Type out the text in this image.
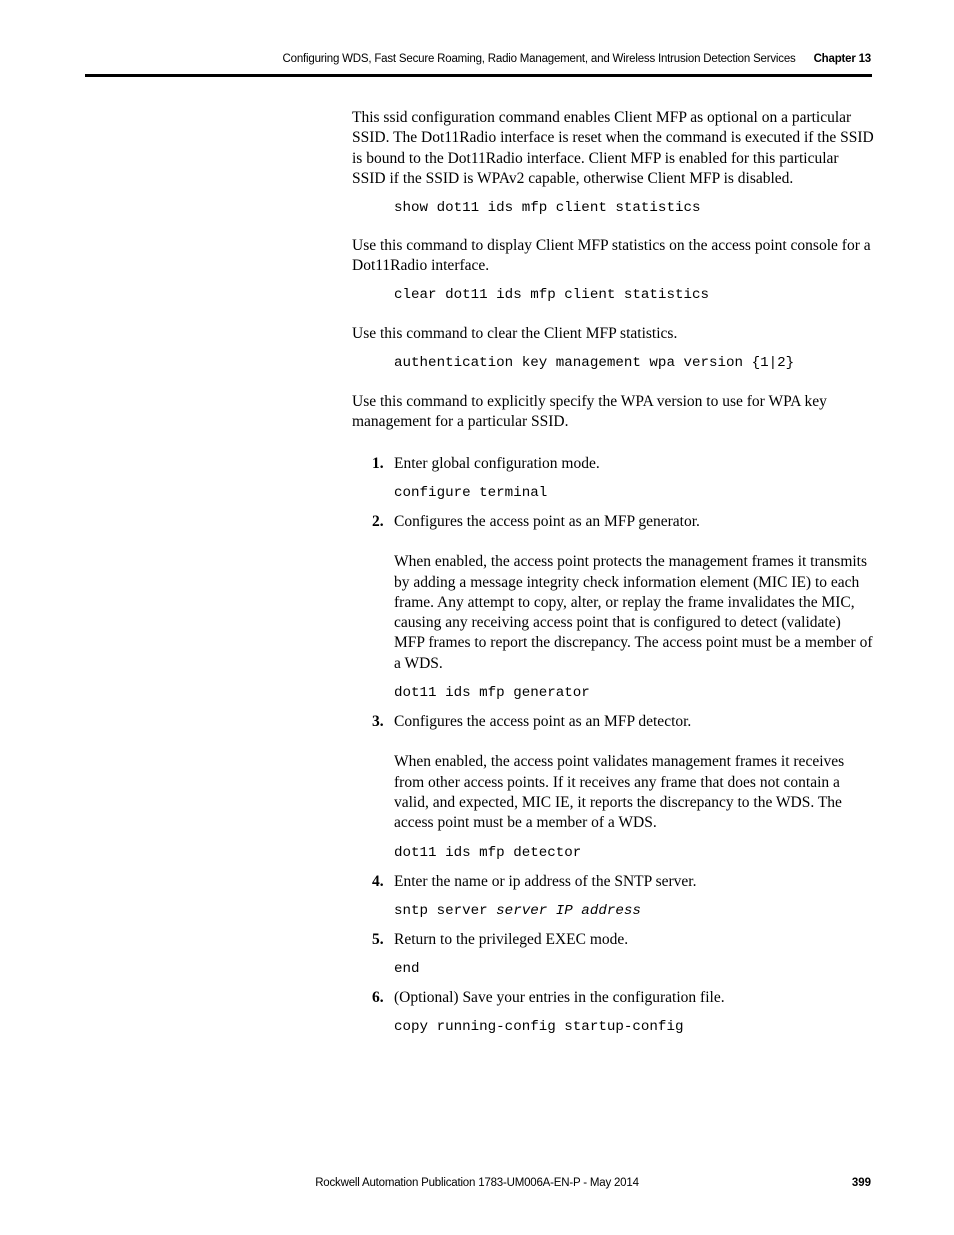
Configuring WDS, Fast Secure Roaming, Radio Management, and Wireless Intrusion Detection Services Chapter 13

This ssid configuration command enables Client MFP as optional on a particular SSID. The Dot11Radio interface is reset when the command is executed if the SSID is bound to the Dot11Radio interface. Client MFP is enabled for this particular SSID if the SSID is WPAv2 capable, otherwise Client MFP is disabled.

show dot11 ids mfp client statistics

Use this command to display Client MFP statistics on the access point console for a Dot11Radio interface.

clear dot11 ids mfp client statistics

Use this command to clear the Client MFP statistics.

authentication key management wpa version {1|2}

Use this command to explicitly specify the WPA version to use for WPA key management for a particular SSID.

1. Enter global configuration mode.

configure terminal
2. Configures the access point as an MFP generator.

When enabled, the access point protects the management frames it transmits by adding a message integrity check information element (MIC IE) to each frame. Any attempt to copy, alter, or replay the frame invalidates the MIC, causing any receiving access point that is configured to detect (validate) MFP frames to report the discrepancy. The access point must be a member of a WDS.

dot11 ids mfp generator
3. Configures the access point as an MFP detector.

When enabled, the access point validates management frames it receives from other access points. If it receives any frame that does not contain a valid, and expected, MIC IE, it reports the discrepancy to the WDS. The access point must be a member of a WDS.

dot11 ids mfp detector
4. Enter the name or ip address of the SNTP server.

sntp server server IP address
5. Return to the privileged EXEC mode.

end
6. (Optional) Save your entries in the configuration file.

copy running-config startup-config
Rockwell Automation Publication 1783-UM006A-EN-P - May 2014	399
